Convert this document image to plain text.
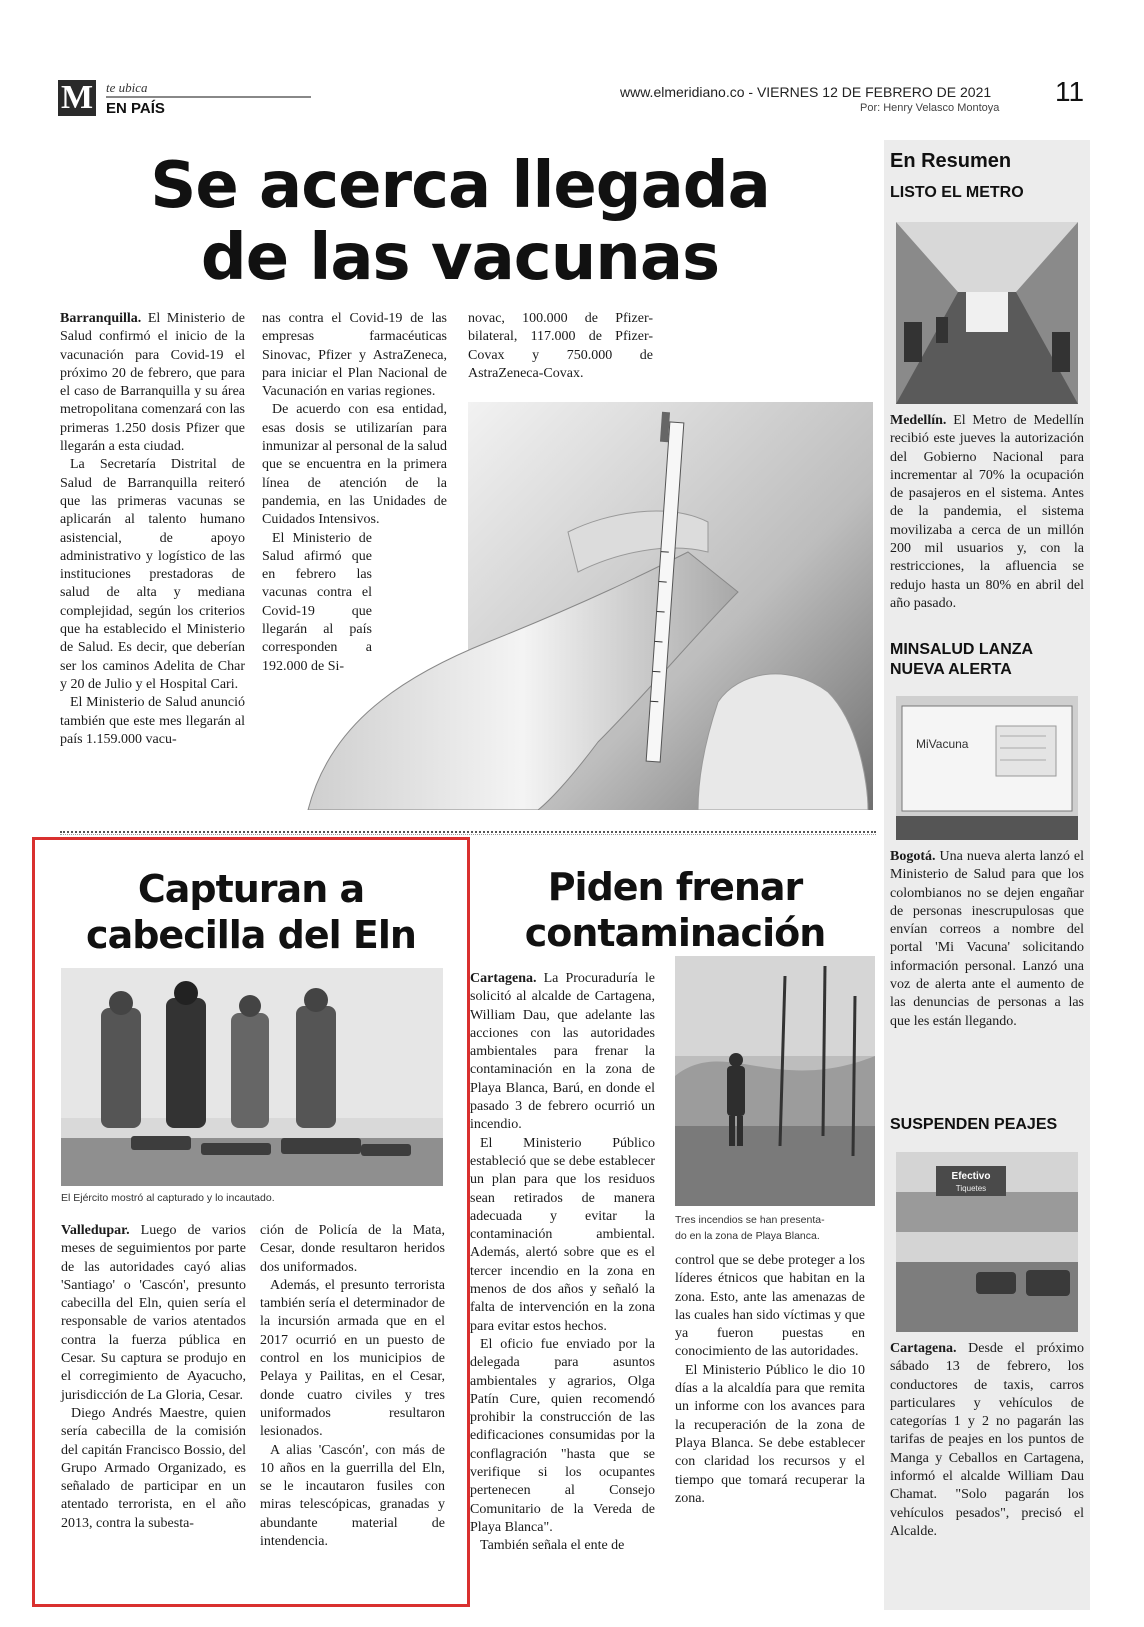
M te ubica
EN PAÍS
www.elmeridiano.co - VIERNES 12 DE FEBRERO DE 2021
Por: Henry Velasco Montoya
11
Se acerca llegada
de las vacunas

Barranquilla. El Ministerio de Salud confirmó el inicio de la vacunación para Covid-19 el próximo 20 de febrero, que para el caso de Barranquilla y su área metropolitana comenzará con las primeras 1.250 dosis Pfizer que llegarán a esta ciudad.

La Secretaría Distrital de Salud de Barranquilla reiteró que las primeras vacunas se aplicarán al talento humano asistencial, de apoyo administrativo y logístico de las instituciones prestadoras de salud de alta y mediana complejidad, según los criterios que ha establecido el Ministerio de Salud. Es decir, que deberían ser los caminos Adelita de Char y 20 de Julio y el Hospital Cari.

El Ministerio de Salud anunció también que este mes llegarán al país 1.159.000 vacu-

nas contra el Covid-19 de las empresas farmacéuticas Sinovac, Pfizer y AstraZeneca, para iniciar el Plan Nacional de Vacunación en varias regiones.

De acuerdo con esa entidad, esas dosis se utilizarían para inmunizar al personal de la salud que se encuentra en la primera línea de atención de la pandemia, en las Unidades de Cuidados Intensivos.

El Ministerio de Salud afirmó que en febrero las vacunas contra el Covid-19 que llegarán al país corresponden a 192.000 de Si-

novac, 100.000 de Pfizer-bilateral, 117.000 de Pfizer-Covax y 750.000 de AstraZeneca-Covax.

Capturan a
cabecilla del Eln
El Ejército mostró al capturado y lo incautado.

Valledupar. Luego de varios meses de seguimientos por parte de las autoridades cayó alias 'Santiago' o 'Cascón', presunto cabecilla del Eln, quien sería el responsable de varios atentados contra la fuerza pública en Cesar. Su captura se produjo en el corregimiento de Ayacucho, jurisdicción de La Gloria, Cesar.

Diego Andrés Maestre, quien sería cabecilla de la comisión del capitán Francisco Bossio, del Grupo Armado Organizado, es señalado de participar en un atentado terrorista, en el año 2013, contra la subesta-

ción de Policía de la Mata, Cesar, donde resultaron heridos dos uniformados.

Además, el presunto terrorista también sería el determinador de la incursión armada que en el 2017 ocurrió en un puesto de control en los municipios de Pelaya y Pailitas, en el Cesar, donde cuatro civiles y tres uniformados resultaron lesionados.

A alias 'Cascón', con más de 10 años en la guerrilla del Eln, se le incautaron fusiles con miras telescópicas, granadas y abundante material de intendencia.

Piden frenar
contaminación

Cartagena. La Procuraduría le solicitó al alcalde de Cartagena, William Dau, que adelante las acciones con las autoridades ambientales para frenar la contaminación en la zona de Playa Blanca, Barú, en donde el pasado 3 de febrero ocurrió un incendio.

El Ministerio Público estableció que se debe establecer un plan para que los residuos sean retirados de manera adecuada y evitar la contaminación ambiental. Además, alertó sobre que es el tercer incendio en la zona en menos de dos años y señaló la falta de intervención en la zona para evitar estos hechos.

El oficio fue enviado por la delegada para asuntos ambientales y agrarios, Olga Patín Cure, quien recomendó prohibir la construcción de las edificaciones consumidas por la conflagración "hasta que se verifique si los ocupantes pertenecen al Consejo Comunitario de la Vereda de Playa Blanca".

También señala el ente de

Tres incendios se han presenta-
do en la zona de Playa Blanca.

control que se debe proteger a los líderes étnicos que habitan en la zona. Esto, ante las amenazas de las cuales han sido víctimas y que ya fueron puestas en conocimiento de las autoridades.

El Ministerio Público le dio 10 días a la alcaldía para que remita un informe con los avances para la recuperación de la zona de Playa Blanca. Se debe establecer con claridad los recursos y el tiempo que tomará recuperar la zona.

En Resumen
LISTO EL METRO

Medellín. El Metro de Medellín recibió este jueves la autorización del Gobierno Nacional para incrementar al 70% la ocupación de pasajeros en el sistema. Antes de la pandemia, el sistema movilizaba a cerca de un millón 200 mil usuarios y, con la restricciones, la afluencia se redujo hasta un 80% en abril del año pasado.

MINSALUD LANZA
NUEVA ALERTA
MiVacuna

Bogotá. Una nueva alerta lanzó el Ministerio de Salud para que los colombianos no se dejen engañar de personas inescrupulosas que envían correos a nombre del portal 'Mi Vacuna' solicitando información personal. Lanzó una voz de alerta ante el aumento de las denuncias de personas a las que les están llegando.

SUSPENDEN PEAJES
Efectivo
Tiquetes

Cartagena. Desde el próximo sábado 13 de febrero, los conductores de taxis, carros particulares y vehículos de categorías 1 y 2 no pagarán las tarifas de peajes en los puntos de Manga y Ceballos en Cartagena, informó el alcalde William Dau Chamat. "Solo pagarán los vehículos pesados", precisó el Alcalde.
